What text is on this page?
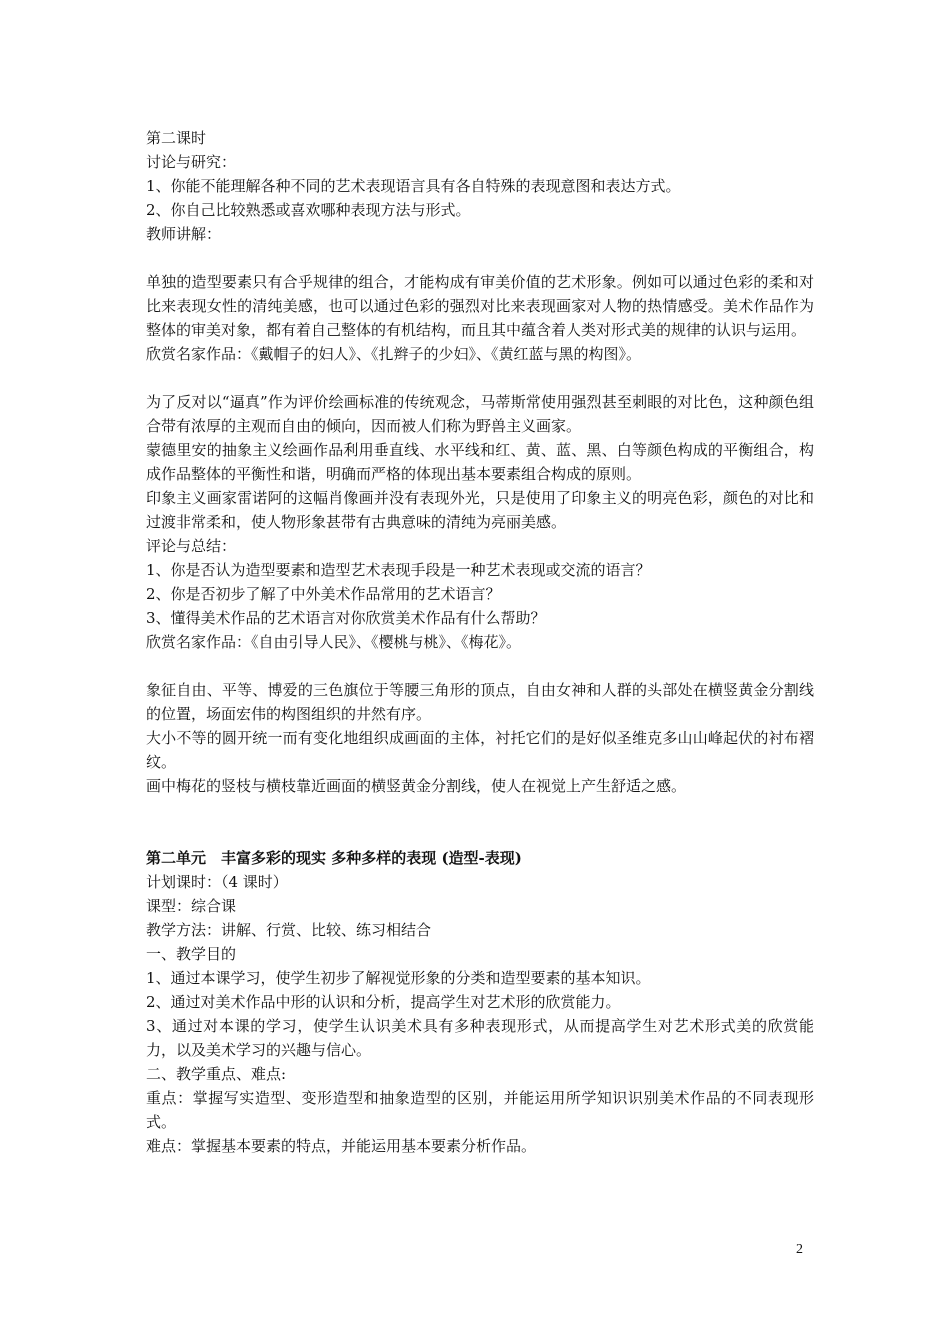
第二课时
讨论与研究：
1、你能不能理解各种不同的艺术表现语言具有各自特殊的表现意图和表达方式。
2、你自己比较熟悉或喜欢哪种表现方法与形式。
教师讲解：
单独的造型要素只有合乎规律的组合，才能构成有审美价值的艺术形象。例如可以通过色彩的柔和对比来表现女性的清纯美感，也可以通过色彩的强烈对比来表现画家对人物的热情感受。美术作品作为整体的审美对象，都有着自己整体的有机结构，而且其中蕴含着人类对形式美的规律的认识与运用。
欣赏名家作品：《戴帽子的妇人》、《扎辫子的少妇》、《黄红蓝与黑的构图》。
为了反对以“逼真”作为评价绘画标准的传统观念，马蒂斯常使用强烈甚至刺眼的对比色，这种颜色组合带有浓厚的主观而自由的倾向，因而被人们称为野兽主义画家。
蒙德里安的抽象主义绘画作品利用垂直线、水平线和红、黄、蓝、黑、白等颜色构成的平衡组合，构成作品整体的平衡性和谐，明确而严格的体现出基本要素组合构成的原则。
印象主义画家雷诺阿的这幅肖像画并没有表现外光，只是使用了印象主义的明亮色彩，颜色的对比和过渡非常柔和，使人物形象甚带有古典意味的清纯为亮丽美感。
评论与总结：
1、你是否认为造型要素和造型艺术表现手段是一种艺术表现或交流的语言？
2、你是否初步了解了中外美术作品常用的艺术语言？
3、懂得美术作品的艺术语言对你欣赏美术作品有什么帮助？
欣赏名家作品：《自由引导人民》、《樱桃与桃》、《梅花》。
象征自由、平等、博爱的三色旗位于等腰三角形的顶点，自由女神和人群的头部处在横竖黄金分割线的位置，场面宏伟的构图组织的井然有序。
大小不等的圆开统一而有变化地组织成画面的主体，衬托它们的是好似圣维克多山山峰起伏的衬布褶纹。
画中梅花的竖枝与横枝靠近画面的横竖黄金分割线，使人在视觉上产生舒适之感。
第二单元　丰富多彩的现实 多种多样的表现 (造型-表现)
计划课时：（4 课时）
课型：综合课
教学方法：讲解、行赏、比较、练习相结合
一、教学目的
1、通过本课学习，使学生初步了解视觉形象的分类和造型要素的基本知识。
2、通过对美术作品中形的认识和分析，提高学生对艺术形的欣赏能力。
3、通过对本课的学习，使学生认识美术具有多种表现形式，从而提高学生对艺术形式美的欣赏能力，以及美术学习的兴趣与信心。
二、教学重点、难点:
重点：掌握写实造型、变形造型和抽象造型的区别，并能运用所学知识识别美术作品的不同表现形式。
难点：掌握基本要素的特点，并能运用基本要素分析作品。
2
